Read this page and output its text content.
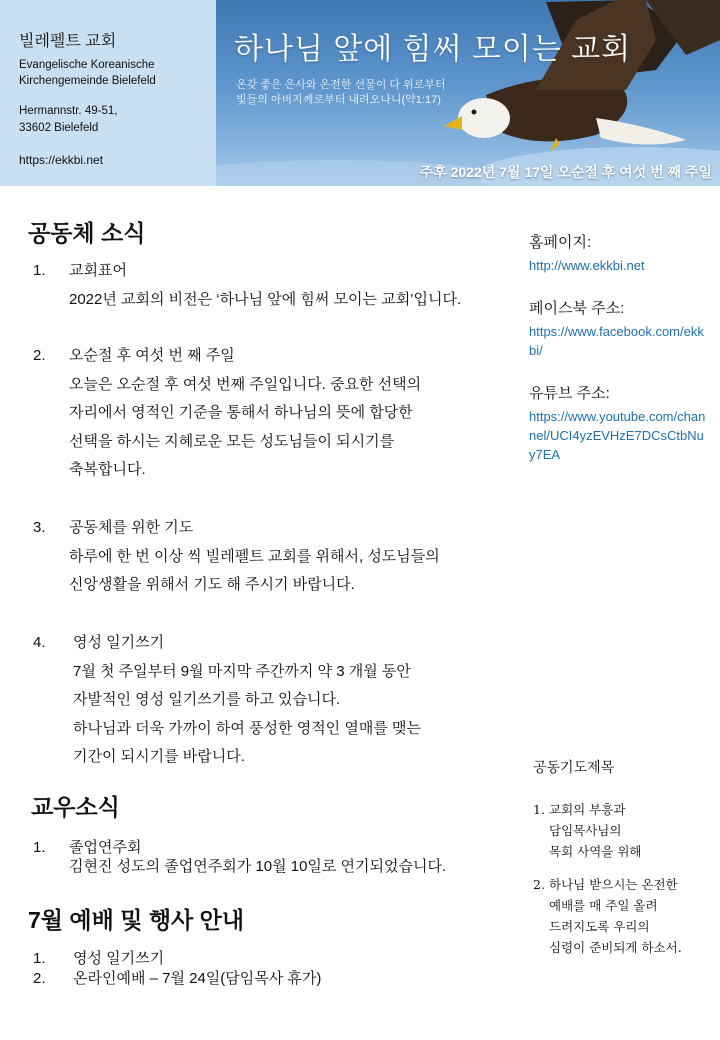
빌레펠트 교회
Evangelische Koreanische
Kirchengemeinde Bielefeld
Hermannstr. 49-51,
33602 Bielefeld
https://ekkbi.net
하나님 앞에 힘써 모이는 교회
온갖 좋은 은사와 온전한 선물이 다 위로부터
빛들의 아버지께로부터 내려오나니(약1:17)
주후 2022년 7월 17일 오순절 후 여섯 번 째 주일
공동체 소식
1. 교회표어
2022년 교회의 비전은 ‘하나님 앞에 힘써 모이는 교회’입니다.
2. 오순절 후 여섯 번 째 주일
오늘은 오순절 후 여섯 번째 주일입니다. 중요한 선택의
자리에서 영적인 기준을 통해서 하나님의 뜻에 합당한
선택을 하시는 지혜로운 모든 성도님들이 되시기를
축복합니다.
3. 공동체를 위한 기도
하루에 한 번 이상 씩 빌레펠트 교회를 위해서, 성도님들의
신앙생활을 위해서 기도 해 주시기 바랍니다.
4. 영성 일기쓰기
7월 첫 주일부터 9월 마지막 주간까지 약 3 개월 동안
자발적인 영성 일기쓰기를 하고 있습니다.
하나님과 더욱 가까이 하여 풍성한 영적인 열매를 맺는
기간이 되시기를 바랍니다.
교우소식
1. 졸업연주회
김현진 성도의 졸업연주회가 10월 10일로 연기되었습니다.
7월 예배 및 행사 안내
1. 영성 일기쓰기
2. 온라인예배 – 7월 24일(담임목사 휴가)
홈페이지:
http://www.ekkbi.net
페이스북 주소:
https://www.facebook.com/ekkbi/
유튜브 주소:
https://www.youtube.com/channel/UCI4yzEVHzE7DCsCtbNuy7EA
공동기도제목
1. 교회의 부흥과
담임목사님의
목회 사역을 위해
2. 하나님 받으시는 온전한
예배를 매 주일 올려
드려지도록 우리의
심령이 준비되게 하소서.
